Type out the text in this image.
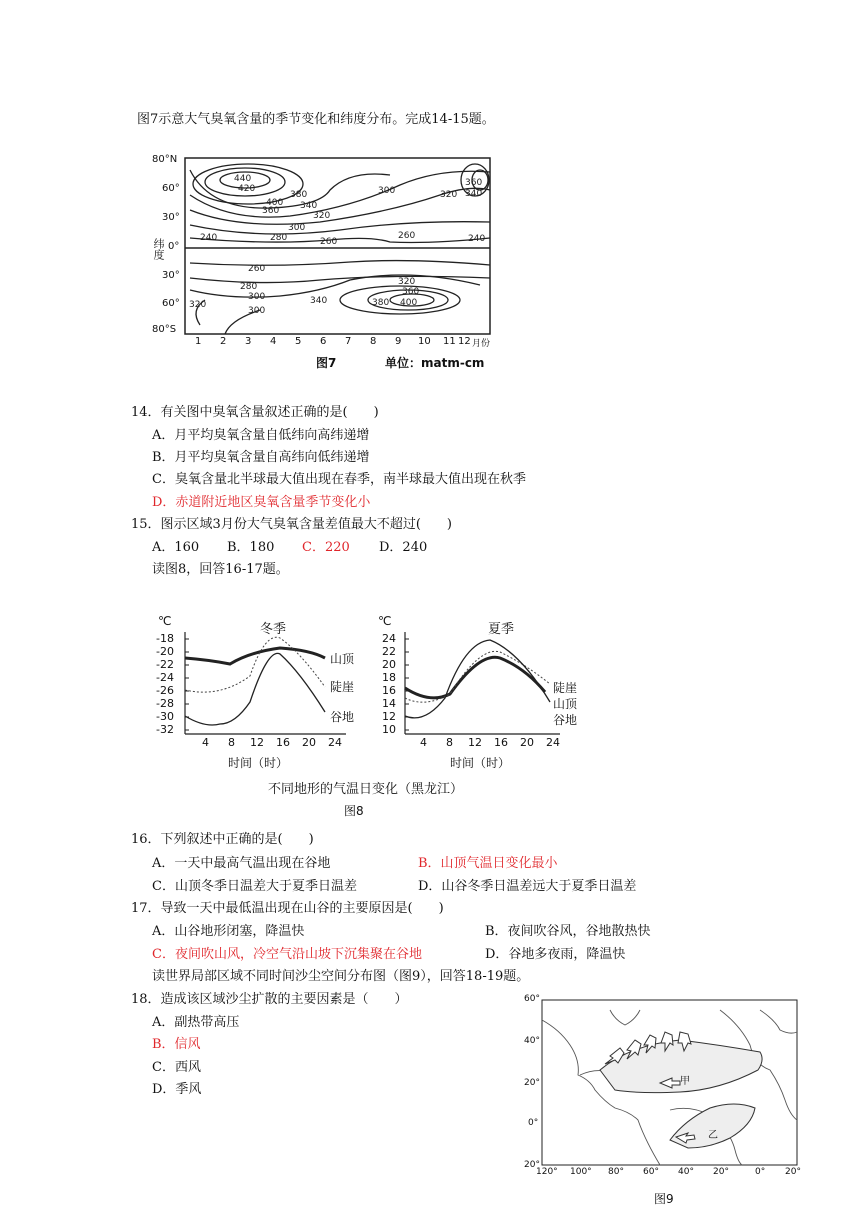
图7示意大气臭氧含量的季节变化和纬度分布。完成14-15题。
440
420
380
400
360 340
320
300
280	260
240
300	320
360
340
260	240
260
280
300
300
320	340
320
360
380 400
纬度
80°N
60°
30°
0°
30°
60°
80°S
1 2 3 4 5 6 7 8 9 10 11 12 月份
图7	单位：matm-cm
14．有关图中臭氧含量叙述正确的是(　　)
A．月平均臭氧含量自低纬向高纬递增
B．月平均臭氧含量自高纬向低纬递增
C．臭氧含量北半球最大值出现在春季，南半球最大值出现在秋季
D．赤道附近地区臭氧含量季节变化小
15．图示区域3月份大气臭氧含量差值最大不超过(　　)
A．160 B．180 C．220 D．240
读图8，回答16-17题。
℃	℃
冬季	夏季
-18
-20
-22
-24
-26
-28
-30
-32
24
22
20
18
16
14
12
10
山顶
陡崖
谷地
陡崖
山顶
谷地
4 8 12 16 20 24	4 8 12 16 20 24
时间（时）	时间（时）
不同地形的气温日变化（黑龙江）
图8
16．下列叙述中正确的是(　　)
A．一天中最高气温出现在谷地	B．山顶气温日变化最小
C．山顶冬季日温差大于夏季日温差	D．山谷冬季日温差远大于夏季日温差
17．导致一天中最低温出现在山谷的主要原因是(　　)
A．山谷地形闭塞，降温快	B．夜间吹谷风，谷地散热快
C．夜间吹山风，冷空气沿山坡下沉集聚在谷地	D．谷地多夜雨，降温快
读世界局部区域不同时间沙尘空间分布图（图9），回答18-19题。
18．造成该区域沙尘扩散的主要因素是（　　）
A．副热带高压
B．信风
C．西风
D．季风
60°
40°
20°
0°
20°
120° 100° 80° 60° 40° 20°	0° 20°
甲
乙
图9
